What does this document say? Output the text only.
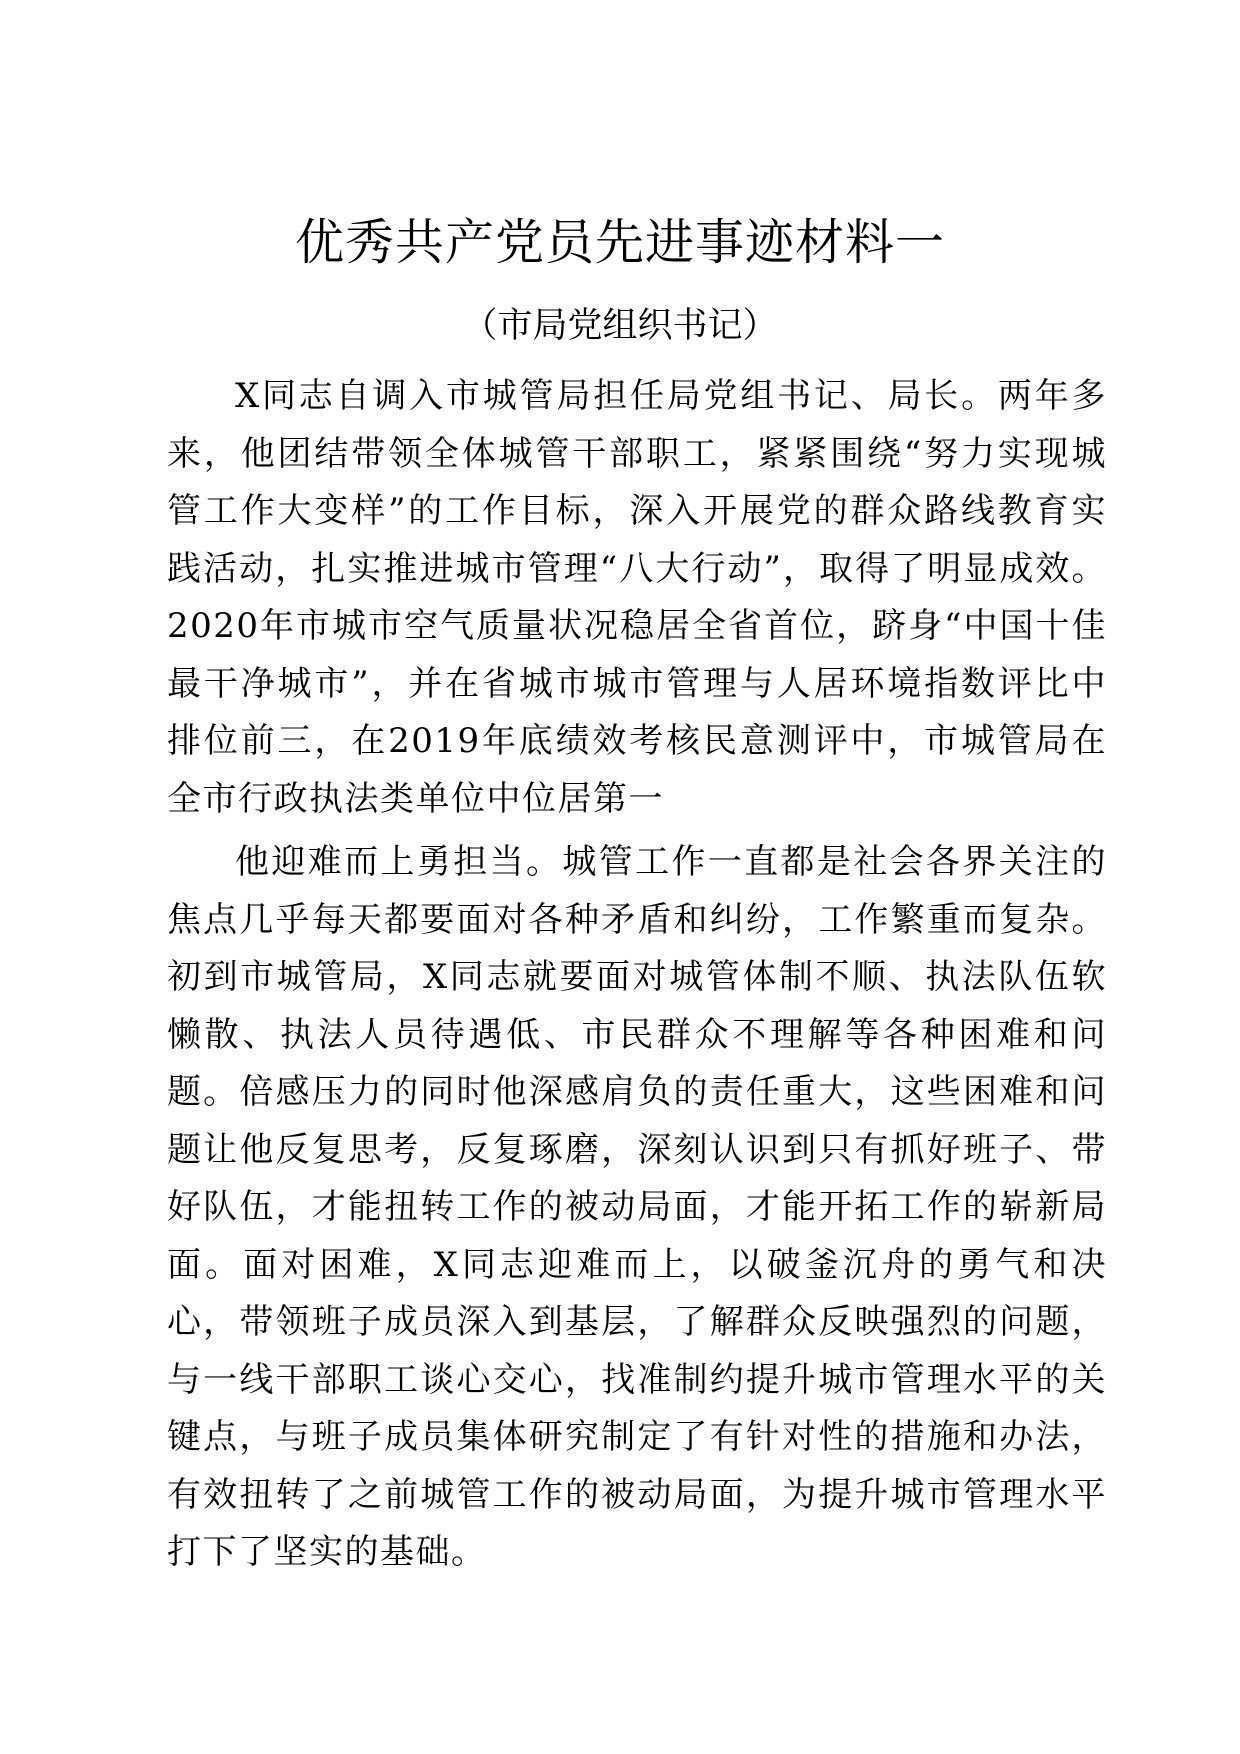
优秀共产党员先进事迹材料一
（市局党组织书记）

X同志自调入市城管局担任局党组书记、局长。两年多来，他团结带领全体城管干部职工，紧紧围绕“努力实现城管工作大变样”的工作目标，深入开展党的群众路线教育实践活动，扎实推进城市管理“八大行动”，取得了明显成效。2020年市城市空气质量状况稳居全省首位，跻身“中国十佳最干净城市”，并在省城市城市管理与人居环境指数评比中排位前三，在2019年底绩效考核民意测评中，市城管局在全市行政执法类单位中位居第一

他迎难而上勇担当。城管工作一直都是社会各界关注的焦点几乎每天都要面对各种矛盾和纠纷，工作繁重而复杂。初到市城管局，X同志就要面对城管体制不顺、执法队伍软懒散、执法人员待遇低、市民群众不理解等各种困难和问题。倍感压力的同时他深感肩负的责任重大，这些困难和问题让他反复思考，反复琢磨，深刻认识到只有抓好班子、带好队伍，才能扭转工作的被动局面，才能开拓工作的崭新局面。面对困难，X同志迎难而上，以破釜沉舟的勇气和决心，带领班子成员深入到基层，了解群众反映强烈的问题，与一线干部职工谈心交心，找准制约提升城市管理水平的关键点，与班子成员集体研究制定了有针对性的措施和办法，有效扭转了之前城管工作的被动局面，为提升城市管理水平打下了坚实的基础。
